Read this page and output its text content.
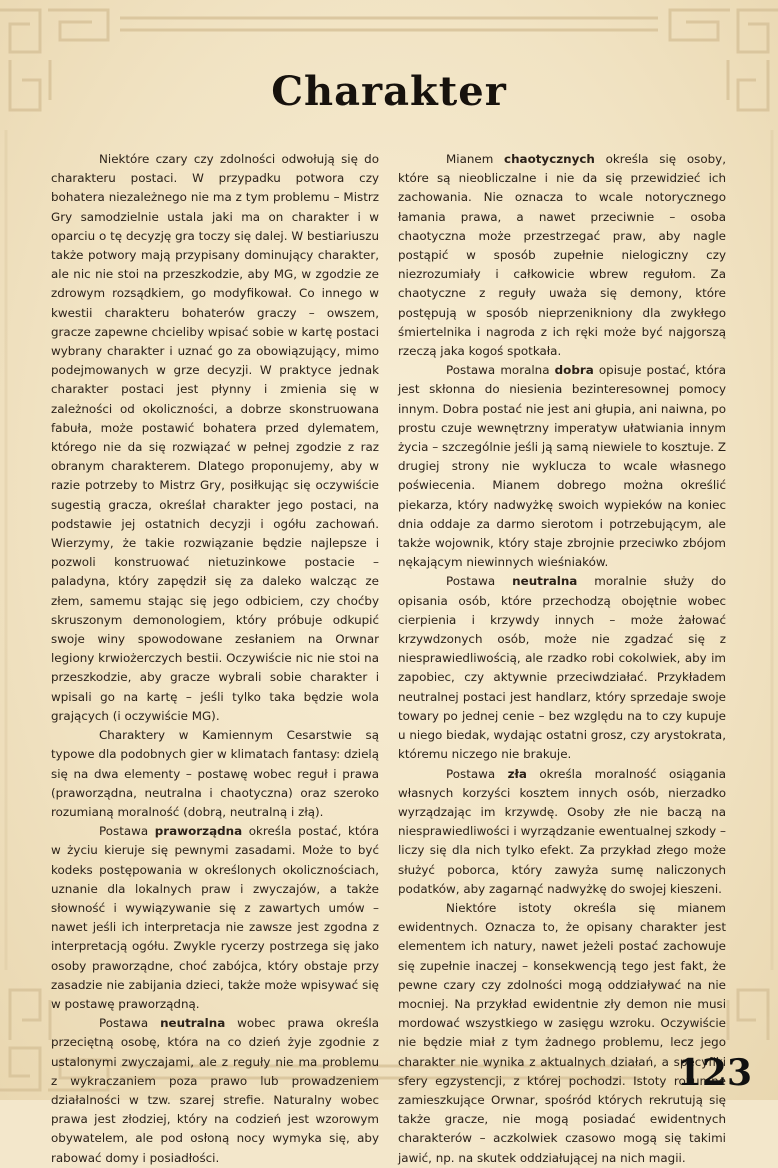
Charakter

Niektóre czary czy zdolności odwołują się do charakteru postaci. W przypadku potwora czy bohatera niezależnego nie ma z tym problemu – Mistrz Gry samodzielnie ustala jaki ma on charakter i w oparciu o tę decyzję gra toczy się dalej. W bestiariuszu także potwory mają przypisany dominujący charakter, ale nic nie stoi na przeszkodzie, aby MG, w zgodzie ze zdrowym rozsądkiem, go modyfikował. Co innego w kwestii charakteru bohaterów graczy – owszem, gracze zapewne chcieliby wpisać sobie w kartę postaci wybrany charakter i uznać go za obowiązujący, mimo podejmowanych w grze decyzji. W praktyce jednak charakter postaci jest płynny i zmienia się w zależności od okoliczności, a dobrze skonstruowana fabuła, może postawić bohatera przed dylematem, którego nie da się rozwiązać w pełnej zgodzie z raz obranym charakterem. Dlatego proponujemy, aby w razie potrzeby to Mistrz Gry, posiłkując się oczywiście sugestią gracza, określał charakter jego postaci, na podstawie jej ostatnich decyzji i ogółu zachowań. Wierzymy, że takie rozwiązanie będzie najlepsze i pozwoli konstruować nietuzinkowe postacie – paladyna, który zapędził się za daleko walcząc ze złem, samemu stając się jego odbiciem, czy choćby skruszonym demonologiem, który próbuje odkupić swoje winy spowodowane zesłaniem na Orwnar legiony krwiożerczych bestii. Oczywiście nic nie stoi na przeszkodzie, aby gracze wybrali sobie charakter i wpisali go na kartę – jeśli tylko taka będzie wola grających (i oczywiście MG).

Charaktery w Kamiennym Cesarstwie są typowe dla podobnych gier w klimatach fantasy: dzielą się na dwa elementy – postawę wobec reguł i prawa (praworządna, neutralna i chaotyczna) oraz szeroko rozumianą moralność (dobrą, neutralną i złą).

Postawa praworządna określa postać, która w życiu kieruje się pewnymi zasadami. Może to być kodeks postępowania w określonych okolicznościach, uznanie dla lokalnych praw i zwyczajów, a także słowność i wywiązywanie się z zawartych umów – nawet jeśli ich interpretacja nie zawsze jest zgodna z interpretacją ogółu. Zwykle rycerzy postrzega się jako osoby praworządne, choć zabójca, który obstaje przy zasadzie nie zabijania dzieci, także może wpisywać się w postawę praworządną.

Postawa neutralna wobec prawa określa przeciętną osobę, która na co dzień żyje zgodnie z ustalonymi zwyczajami, ale z reguły nie ma problemu z wykraczaniem poza prawo lub prowadzeniem działalności w tzw. szarej strefie. Naturalny wobec prawa jest złodziej, który na codzień jest wzorowym obywatelem, ale pod osłoną nocy wymyka się, aby rabować domy i posiadłości.

Mianem chaotycznych określa się osoby, które są nieobliczalne i nie da się przewidzieć ich zachowania. Nie oznacza to wcale notorycznego łamania prawa, a nawet przeciwnie – osoba chaotyczna może przestrzegać praw, aby nagle postąpić w sposób zupełnie nielogiczny czy niezrozumiały i całkowicie wbrew regułom. Za chaotyczne z reguły uważa się demony, które postępują w sposób nieprzenikniony dla zwykłego śmiertelnika i nagroda z ich ręki może być najgorszą rzeczą jaka kogoś spotkała.

Postawa moralna dobra opisuje postać, która jest skłonna do niesienia bezinteresownej pomocy innym. Dobra postać nie jest ani głupia, ani naiwna, po prostu czuje wewnętrzny imperatyw ułatwiania innym życia – szczególnie jeśli ją samą niewiele to kosztuje. Z drugiej strony nie wyklucza to wcale własnego poświecenia. Mianem dobrego można określić piekarza, który nadwyżkę swoich wypieków na koniec dnia oddaje za darmo sierotom i potrzebującym, ale także wojownik, który staje zbrojnie przeciwko zbójom nękającym niewinnych wieśniaków.

Postawa neutralna moralnie służy do opisania osób, które przechodzą obojętnie wobec cierpienia i krzywdy innych – może żałować krzywdzonych osób, może nie zgadzać się z niesprawiedliwością, ale rzadko robi cokolwiek, aby im zapobiec, czy aktywnie przeciwdziałać. Przykładem neutralnej postaci jest handlarz, który sprzedaje swoje towary po jednej cenie – bez względu na to czy kupuje u niego biedak, wydając ostatni grosz, czy arystokrata, któremu niczego nie brakuje.

Postawa zła określa moralność osiągania własnych korzyści kosztem innych osób, nierzadko wyrządzając im krzywdę. Osoby złe nie baczą na niesprawiedliwości i wyrządzanie ewentualnej szkody – liczy się dla nich tylko efekt. Za przykład złego może służyć poborca, który zawyża sumę naliczonych podatków, aby zagarnąć nadwyżkę do swojej kieszeni.

Niektóre istoty określa się mianem ewidentnych. Oznacza to, że opisany charakter jest elementem ich natury, nawet jeżeli postać zachowuje się zupełnie inaczej – konsekwencją tego jest fakt, że pewne czary czy zdolności mogą oddziaływać na nie mocniej. Na przykład ewidentnie zły demon nie musi mordować wszystkiego w zasięgu wzroku. Oczywiście nie będzie miał z tym żadnego problemu, lecz jego charakter nie wynika z aktualnych działań, a specyfiki sfery egzystencji, z której pochodzi. Istoty rozumne zamieszkujące Orwnar, spośród których rekrutują się także gracze, nie mogą posiadać ewidentnych charakterów – aczkolwiek czasowo mogą się takimi jawić, np. na skutek oddziałującej na nich magii.

123
